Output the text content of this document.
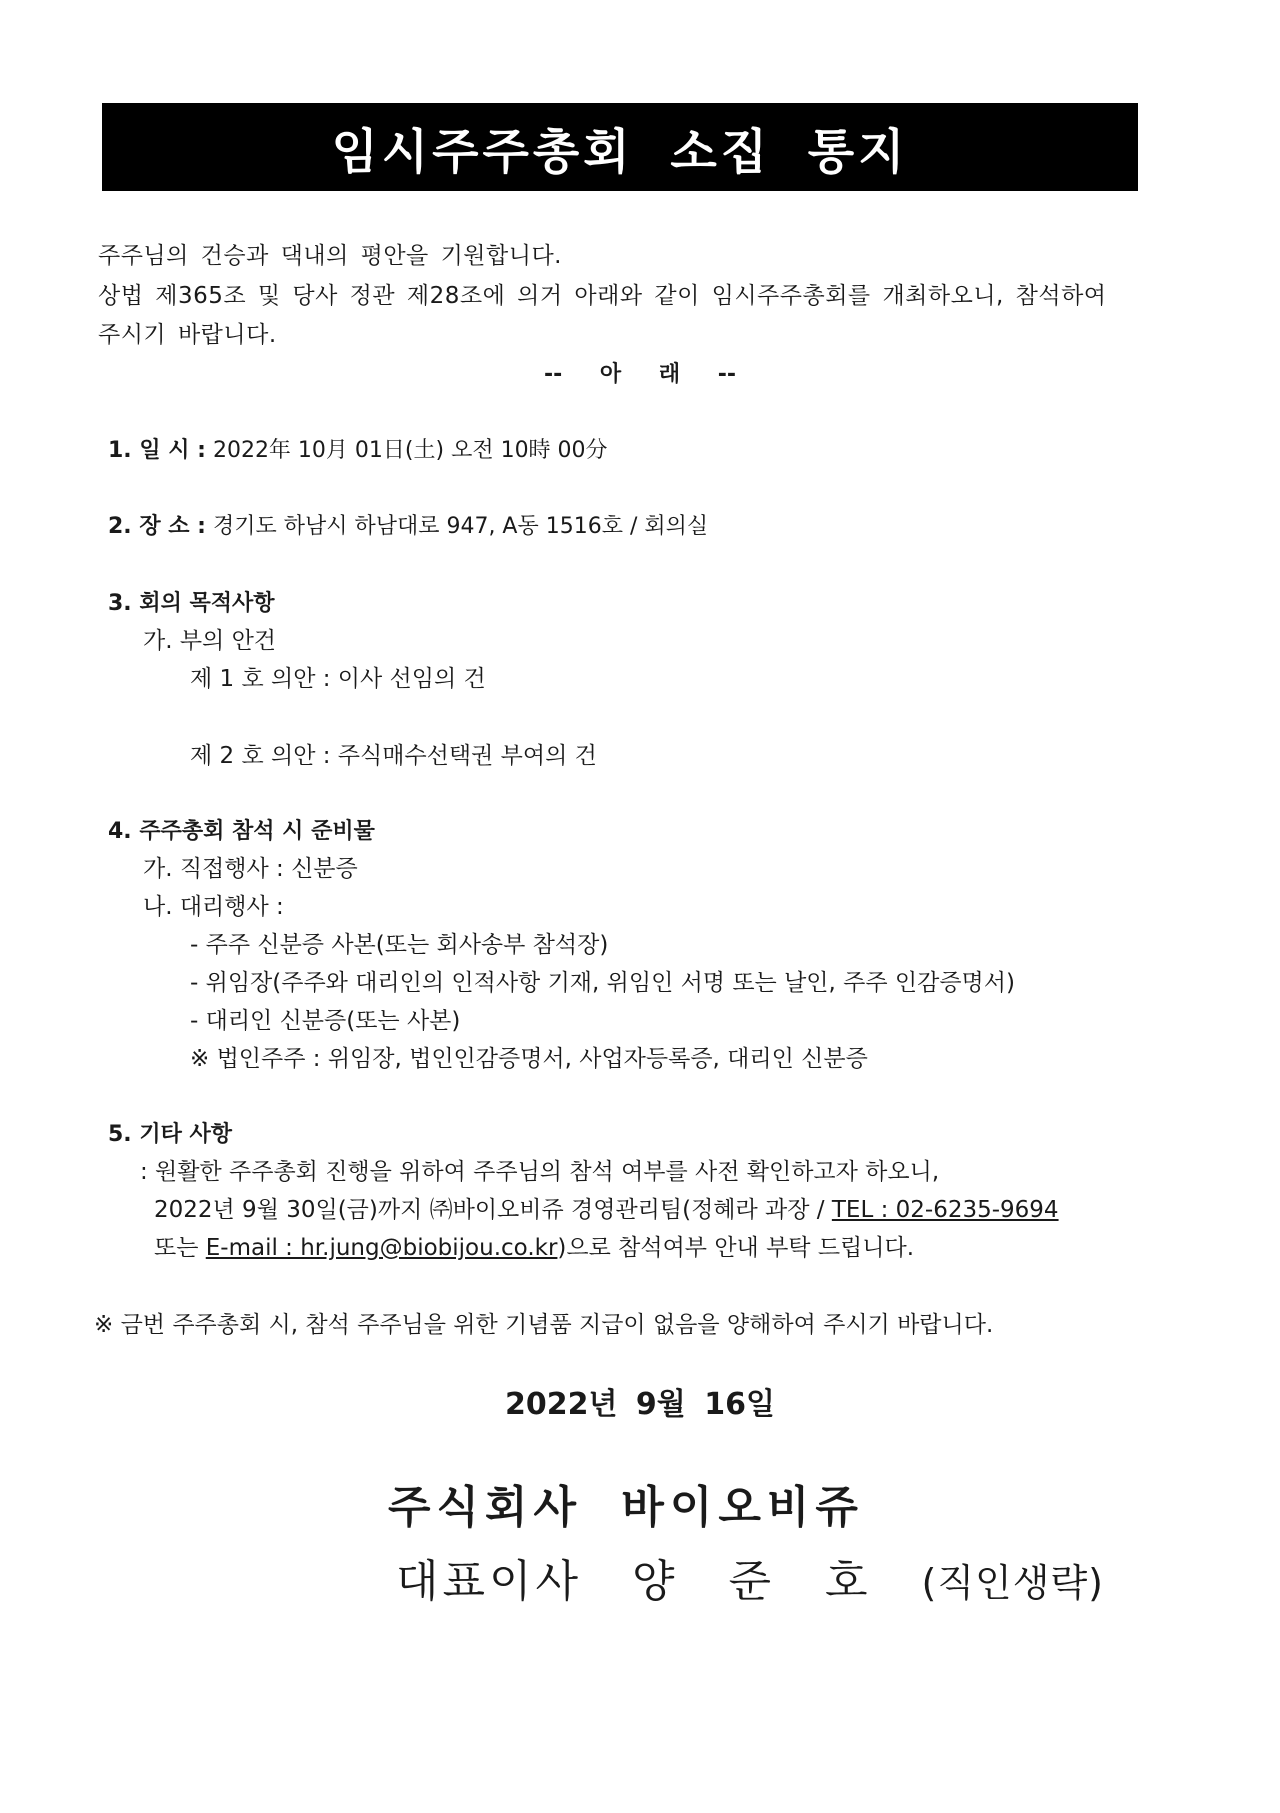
임시주주총회 소집 통지
주주님의 건승과 댁내의 평안을 기원합니다.
상법 제365조 및 당사 정관 제28조에 의거 아래와 같이 임시주주총회를 개최하오니, 참석하여
주시기 바랍니다.
-- 아 래 --
1. 일 시 : 2022年 10月 01日(土) 오전 10時 00分
2. 장 소 : 경기도 하남시 하남대로 947, A동 1516호 / 회의실
3. 회의 목적사항
가. 부의 안건
제 1 호 의안 : 이사 선임의 건
제 2 호 의안 : 주식매수선택권 부여의 건
4. 주주총회 참석 시 준비물
가. 직접행사 : 신분증
나. 대리행사 :
- 주주 신분증 사본(또는 회사송부 참석장)
- 위임장(주주와 대리인의 인적사항 기재, 위임인 서명 또는 날인, 주주 인감증명서)
- 대리인 신분증(또는 사본)
※ 법인주주 : 위임장, 법인인감증명서, 사업자등록증, 대리인 신분증
5. 기타 사항
: 원활한 주주총회 진행을 위하여 주주님의 참석 여부를 사전 확인하고자 하오니,
2022년 9월 30일(금)까지 ㈜바이오비쥬 경영관리팀(정혜라 과장 / TEL : 02-6235-9694
또는 E-mail : hr.jung@biobijou.co.kr)으로 참석여부 안내 부탁 드립니다.
※ 금번 주주총회 시, 참석 주주님을 위한 기념품 지급이 없음을 양해하여 주시기 바랍니다.
2022년 9월 16일
주식회사 바이오비쥬
대표이사 양 준 호 (직인생략)
